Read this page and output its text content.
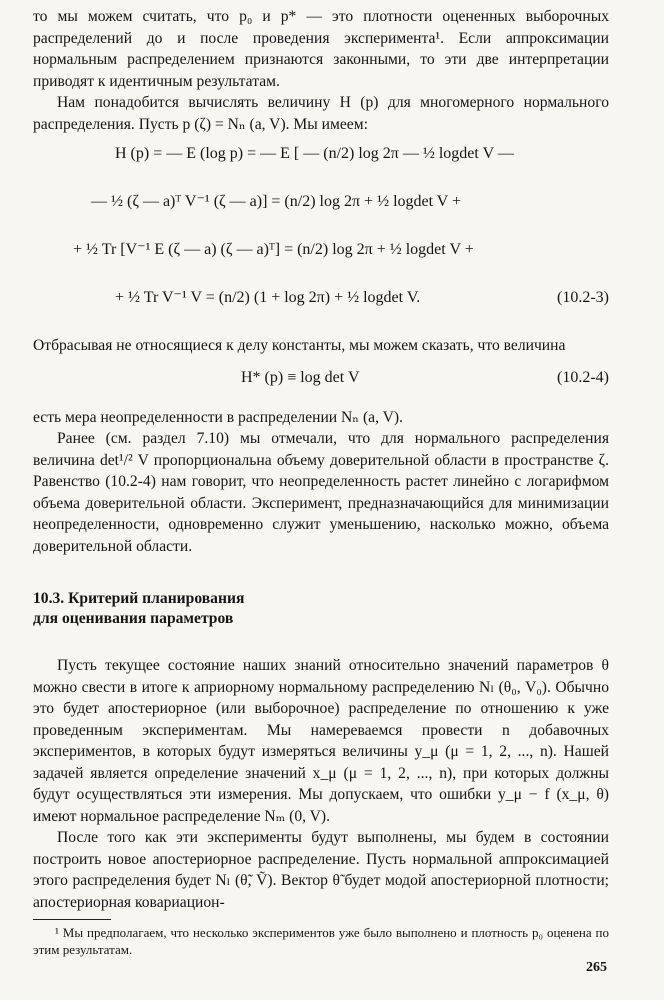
то мы можем считать, что p₀ и p* — это плотности оцененных выборочных распределений до и после проведения эксперимента¹. Если аппроксимации нормальным распределением признаются законными, то эти две интерпретации приводят к идентичным результатам.

Нам понадобится вычислять величину H (p) для многомерного нормального распределения. Пусть p (ζ) = Nₙ (a, V). Мы имеем:

H (p) = — E (log p) = — E [ — (n/2) log 2π — ½ logdet V —
— ½ (ζ — a)ᵀ V⁻¹ (ζ — a)] = (n/2) log 2π + ½ logdet V +
+ ½ Tr [V⁻¹ E (ζ — a) (ζ — a)ᵀ] = (n/2) log 2π + ½ logdet V +
+ ½ Tr V⁻¹ V = (n/2) (1 + log 2π) + ½ logdet V.	(10.2-3)

Отбрасывая не относящиеся к делу константы, мы можем сказать, что величина

H* (p) ≡ log det V	(10.2-4)

есть мера неопределенности в распределении Nₙ (a, V).

Ранее (см. раздел 7.10) мы отмечали, что для нормального распределения величина det¹/² V пропорциональна объему доверительной области в пространстве ζ. Равенство (10.2-4) нам говорит, что неопределенность растет линейно с логарифмом объема доверительной области. Эксперимент, предназначающийся для минимизации неопределенности, одновременно служит уменьшению, насколько можно, объема доверительной области.

10.3. Критерий планирования
для оценивания параметров

Пусть текущее состояние наших знаний относительно значений параметров θ можно свести в итоге к априорному нормальному распределению Nₗ (θ₀, V₀). Обычно это будет апостериорное (или выборочное) распределение по отношению к уже проведенным экспериментам. Мы намереваемся провести n добавочных экспериментов, в которых будут измеряться величины y_μ (μ = 1, 2, ..., n). Нашей задачей является определение значений x_μ (μ = 1, 2, ..., n), при которых должны будут осуществляться эти измерения. Мы допускаем, что ошибки y_μ − f (x_μ, θ) имеют нормальное распределение Nₘ (0, V).

После того как эти эксперименты будут выполнены, мы будем в состоянии построить новое апостериорное распределение. Пусть нормальной аппроксимацией этого распределения будет Nₗ (θ̃, Ṽ). Вектор θ̃ будет модой апостериорной плотности; апостериорная ковариацион-

¹ Мы предполагаем, что несколько экспериментов уже было выполнено и плотность p₀ оценена по этим результатам.

265
